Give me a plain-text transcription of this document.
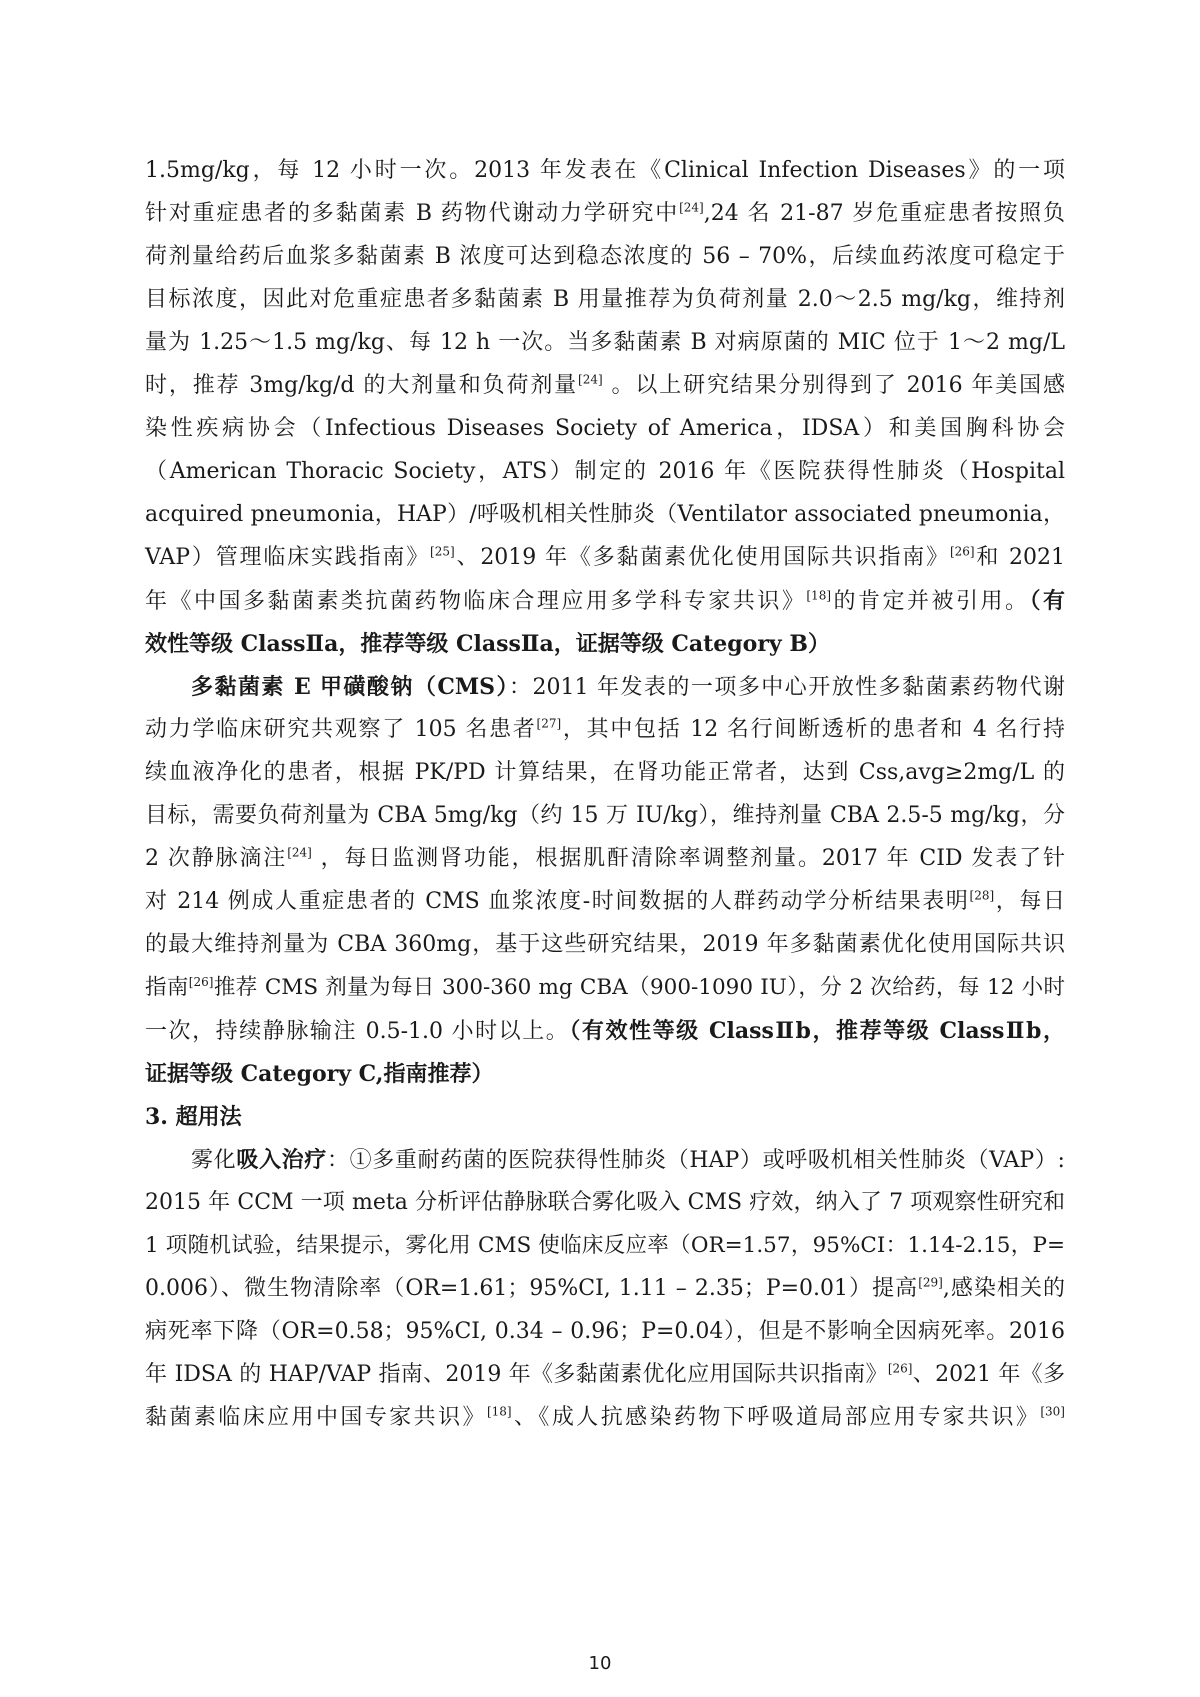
1.5mg/kg，每 12 小时一次。2013 年发表在《Clinical Infection Diseases》的一项
针对重症患者的多黏菌素 B 药物代谢动力学研究中[24],24 名 21-87 岁危重症患者按照负
荷剂量给药后血浆多黏菌素 B 浓度可达到稳态浓度的 56 – 70%，后续血药浓度可稳定于
目标浓度，因此对危重症患者多黏菌素 B 用量推荐为负荷剂量 2.0～2.5 mg/kg，维持剂
量为 1.25～1.5 mg/kg、每 12 h 一次。当多黏菌素 B 对病原菌的 MIC 位于 1～2 mg/L
时，推荐 3mg/kg/d 的大剂量和负荷剂量[24] 。以上研究结果分别得到了 2016 年美国感
染性疾病协会（Infectious Diseases Society of America，IDSA）和美国胸科协会
（American Thoracic Society，ATS）制定的 2016 年《医院获得性肺炎（Hospital
acquired pneumonia，HAP）/呼吸机相关性肺炎（Ventilator associated pneumonia，
VAP）管理临床实践指南》[25]、2019 年《多黏菌素优化使用国际共识指南》[26]和 2021
年《中国多黏菌素类抗菌药物临床合理应用多学科专家共识》[18]的肯定并被引用。（有
效性等级 ClassⅡa，推荐等级 ClassⅡa，证据等级 Category B）
多黏菌素 E 甲磺酸钠（CMS）：2011 年发表的一项多中心开放性多黏菌素药物代谢
动力学临床研究共观察了 105 名患者[27]，其中包括 12 名行间断透析的患者和 4 名行持
续血液净化的患者，根据 PK/PD 计算结果，在肾功能正常者，达到 Css,avg≥2mg/L 的
目标，需要负荷剂量为 CBA 5mg/kg（约 15 万 IU/kg），维持剂量 CBA 2.5-5 mg/kg，分
2 次静脉滴注[24] ，每日监测肾功能，根据肌酐清除率调整剂量。2017 年 CID 发表了针
对 214 例成人重症患者的 CMS 血浆浓度-时间数据的人群药动学分析结果表明[28]，每日
的最大维持剂量为 CBA 360mg，基于这些研究结果，2019 年多黏菌素优化使用国际共识
指南[26]推荐 CMS 剂量为每日 300-360 mg CBA（900-1090 IU），分 2 次给药，每 12 小时
一次，持续静脉输注 0.5-1.0 小时以上。（有效性等级 ClassⅡb，推荐等级 ClassⅡb，
证据等级 Category C,指南推荐）
3. 超用法
雾化吸入治疗：①多重耐药菌的医院获得性肺炎（HAP）或呼吸机相关性肺炎（VAP）:
2015 年 CCM 一项 meta 分析评估静脉联合雾化吸入 CMS 疗效，纳入了 7 项观察性研究和
1 项随机试验，结果提示，雾化用 CMS 使临床反应率（OR=1.57，95%CI：1.14-2.15，P=
0.006）、微生物清除率（OR=1.61；95%CI, 1.11 – 2.35；P=0.01）提高[29],感染相关的
病死率下降（OR=0.58；95%CI, 0.34 – 0.96；P=0.04），但是不影响全因病死率。2016
年 IDSA 的 HAP/VAP 指南、2019 年《多黏菌素优化应用国际共识指南》[26]、2021 年《多
黏菌素临床应用中国专家共识》[18]、《成人抗感染药物下呼吸道局部应用专家共识》[30]
10
